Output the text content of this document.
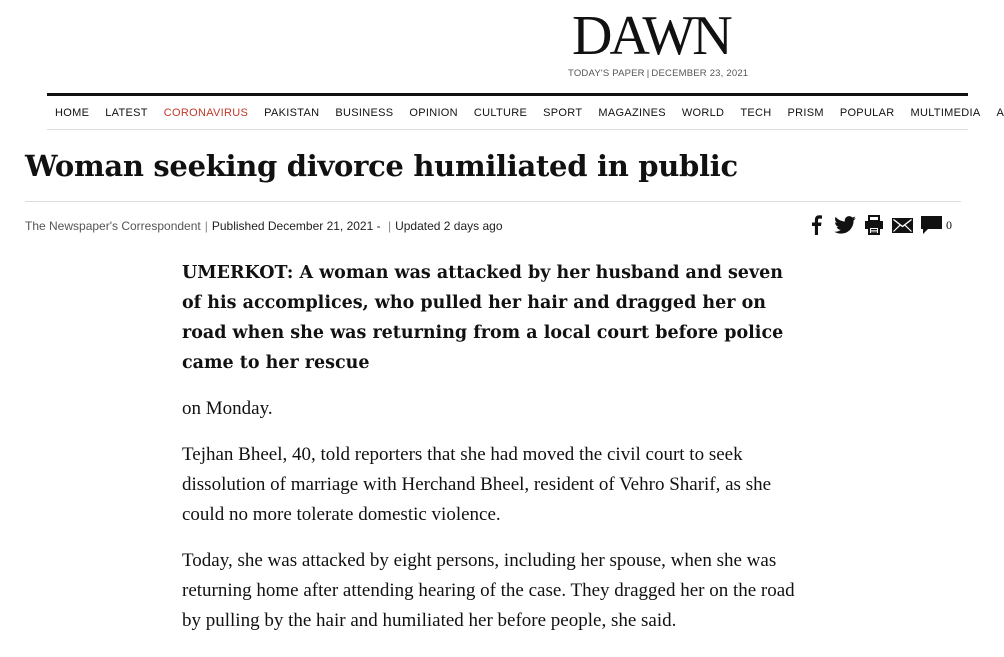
DAWN
TODAY'S PAPER | DECEMBER 23, 2021
HOME LATEST CORONAVIRUS PAKISTAN BUSINESS OPINION CULTURE SPORT MAGAZINES WORLD TECH PRISM POPULAR MULTIMEDIA A
Woman seeking divorce humiliated in public
The Newspaper's Correspondent | Published December 21, 2021 - | Updated 2 days ago	0

UMERKOT: A woman was attacked by her husband and seven of his accomplices, who pulled her hair and dragged her on road when she was returning from a local court before police came to her rescue

on Monday.

Tejhan Bheel, 40, told reporters that she had moved the civil court to seek dissolution of marriage with Herchand Bheel, resident of Vehro Sharif, as she could no more tolerate domestic violence.

Today, she was attacked by eight persons, including her spouse, when she was returning home after attending hearing of the case. They dragged her on the road by pulling by the hair and humiliated her before people, she said.
